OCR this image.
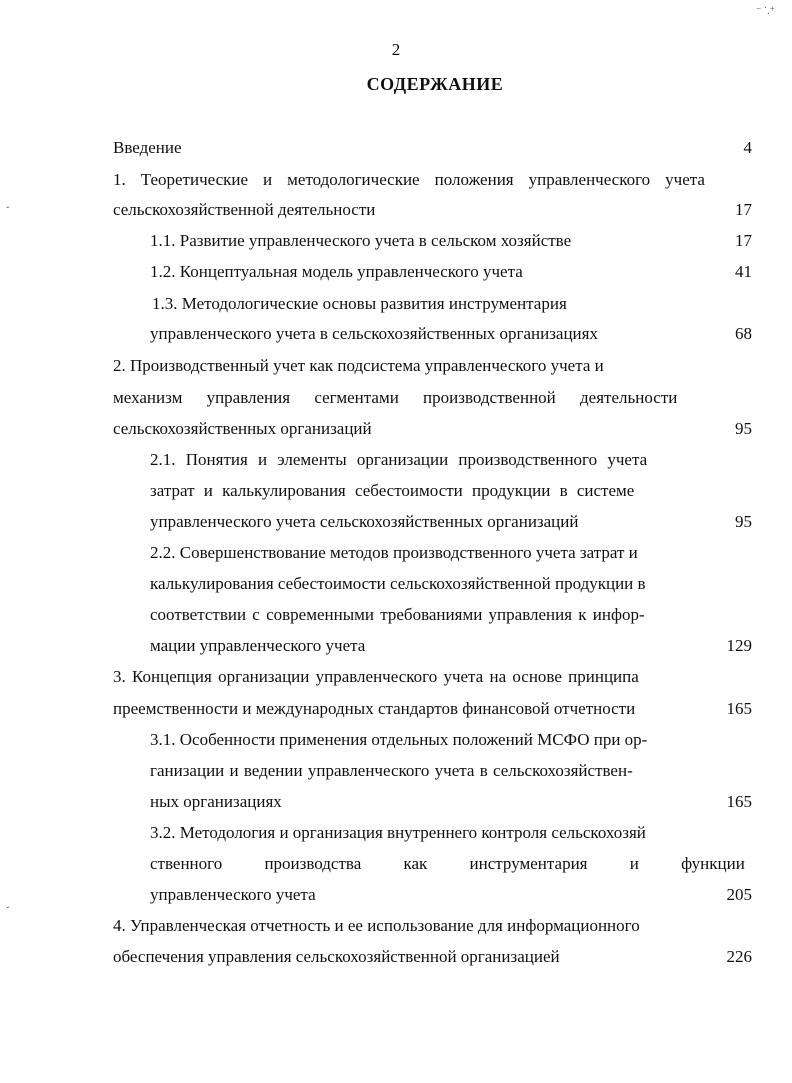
2
СОДЕРЖАНИЕ
Введение	4
1. Теоретические и методологические положения управленческого учета
сельскохозяйственной деятельности	17
1.1. Развитие управленческого учета в сельском хозяйстве	17
1.2. Концептуальная модель управленческого учета	41
1.3. Методологические основы развития инструментария
управленческого учета в сельскохозяйственных организациях	68
2. Производственный учет как подсистема управленческого учета и
механизм управления сегментами производственной деятельности
сельскохозяйственных организаций	95
2.1. Понятия и элементы организации производственного учета
затрат и калькулирования себестоимости продукции в системе
управленческого учета сельскохозяйственных организаций	95
2.2. Совершенствование методов производственного учета затрат и
калькулирования себестоимости сельскохозяйственной продукции в
соответствии с современными требованиями управления к инфор-
мации управленческого учета	129
3. Концепция организации управленческого учета на основе принципа
преемственности и международных стандартов финансовой отчетности	165
3.1. Особенности применения отдельных положений МСФО при ор-
ганизации и ведении управленческого учета в сельскохозяйствен-
ных организациях	165
3.2. Методология и организация внутреннего контроля сельскохозяй
ственного производства как инструментария и функции
управленческого учета	205
4. Управленческая отчетность и ее использование для информационного
обеспечения управления сельскохозяйственной организацией	226
⁻ ˙.⁺
ˇ
ˇ
